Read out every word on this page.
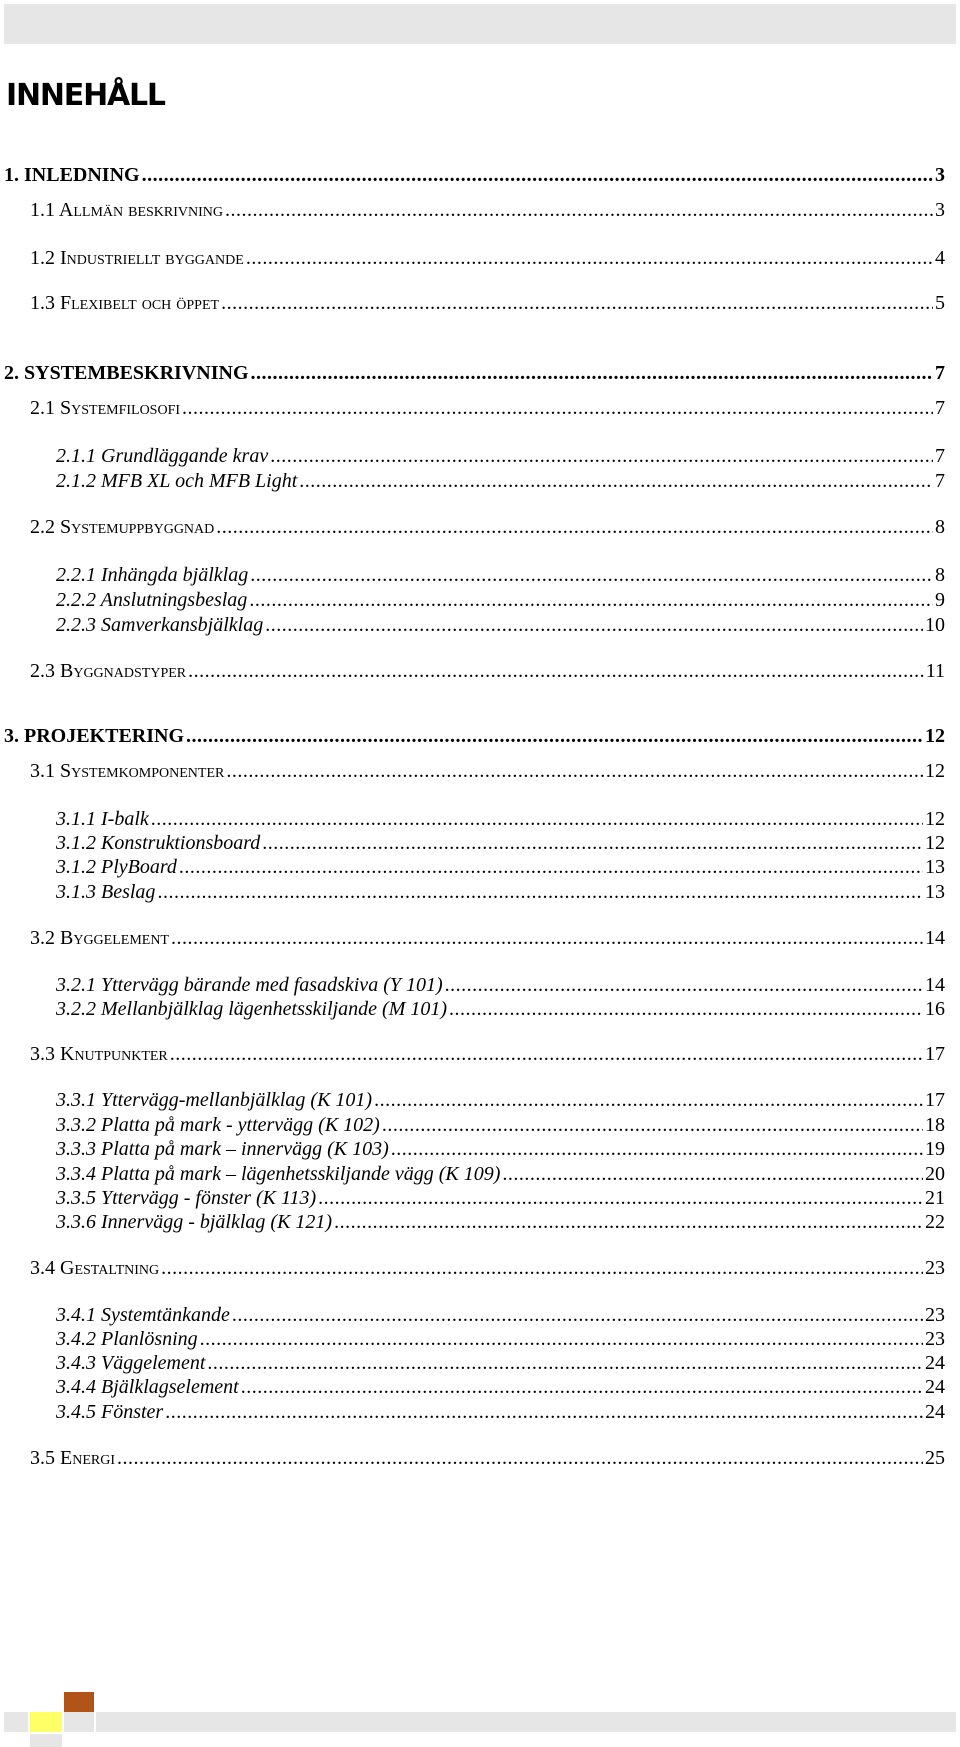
INNEHÅLL
1. INLEDNING .....	3
1.1 Allmän beskrivning .....	3
1.2 Industriellt byggande .....	4
1.3 Flexibelt och öppet .....	5
2. SYSTEMBESKRIVNING .....	7
2.1 Systemfilosofi .....	7
2.1.1 Grundläggande krav .....	7
2.1.2 MFB XL och MFB Light .....	7
2.2 Systemuppbyggnad .....	8
2.2.1 Inhängda bjälklag .....	8
2.2.2 Anslutningsbeslag .....	9
2.2.3 Samverkansbjälklag .....	10
2.3 Byggnadstyper .....	11
3. PROJEKTERING .....	12
3.1 Systemkomponenter .....	12
3.1.1 I-balk .....	12
3.1.2 Konstruktionsboard .....	12
3.1.2 PlyBoard .....	13
3.1.3 Beslag .....	13
3.2 Byggelement .....	14
3.2.1 Yttervägg bärande med fasadskiva (Y 101) .....	14
3.2.2 Mellanbjälklag lägenhetsskiljande (M 101) .....	16
3.3 Knutpunkter .....	17
3.3.1 Yttervägg-mellanbjälklag (K 101) .....	17
3.3.2 Platta på mark - yttervägg (K 102) .....	18
3.3.3 Platta på mark – innervägg (K 103) .....	19
3.3.4 Platta på mark – lägenhetsskiljande vägg (K 109) .....	20
3.3.5 Yttervägg - fönster (K 113) .....	21
3.3.6 Innervägg - bjälklag (K 121) .....	22
3.4 Gestaltning .....	23
3.4.1 Systemtänkande .....	23
3.4.2 Planlösning .....	23
3.4.3 Väggelement .....	24
3.4.4 Bjälklagselement .....	24
3.4.5 Fönster .....	24
3.5 Energi .....	25
